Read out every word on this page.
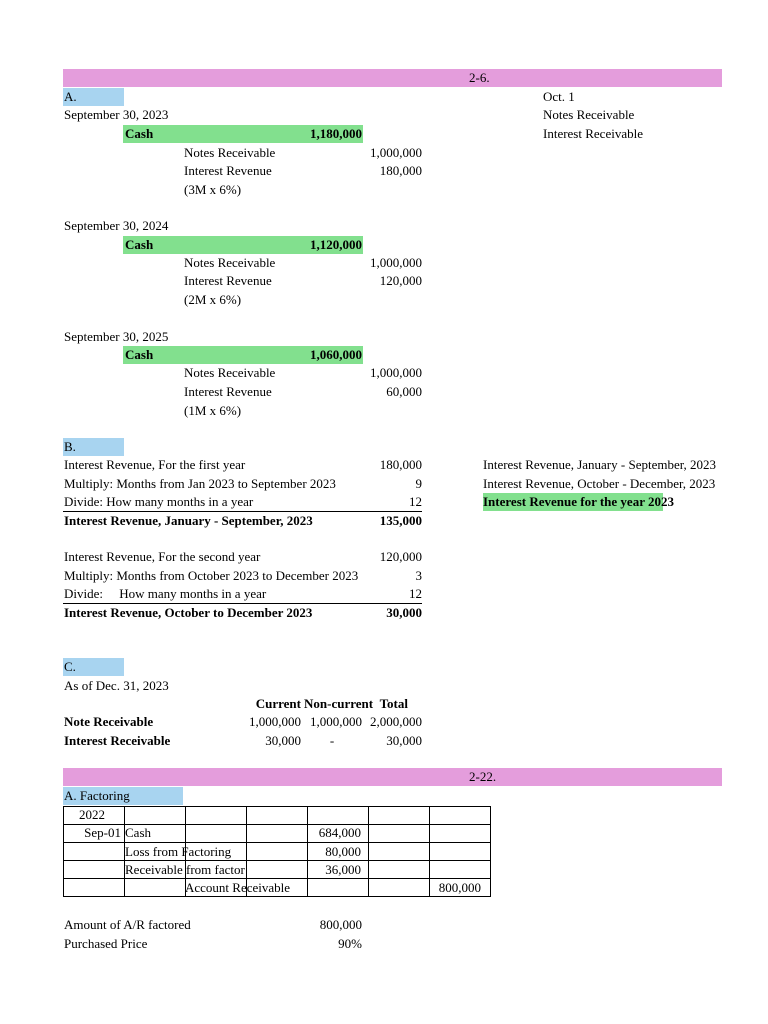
2-6.
A.	Oct. 1
Notes Receivable
Interest Receivable
September 30, 2023
Cash	1,180,000
Notes Receivable	1,000,000
Interest Revenue	180,000
(3M x 6%)
September 30, 2024
Cash	1,120,000
Notes Receivable	1,000,000
Interest Revenue	120,000
(2M x 6%)
September 30, 2025
Cash	1,060,000
Notes Receivable	1,000,000
Interest Revenue	60,000
(1M x 6%)
B.
Interest Revenue, For the first year	180,000
Multiply: Months from Jan 2023 to September 2023	9
Divide: How many months in a year	12
Interest Revenue, January - September, 2023	135,000
Interest Revenue, For the second year	120,000
Multiply: Months from October 2023 to December 2023	3
Divide:     How many months in a year	12
Interest Revenue, October to December 2023	30,000
Interest Revenue, January - September, 2023
Interest Revenue, October - December, 2023
Interest Revenue for the year 2023
C.
As of Dec. 31, 2023
Current Non-current Total
Note Receivable	1,000,000 1,000,000 2,000,000
Interest Receivable	30,000	-	30,000
2-22.
A. Factoring

2022
Sep-01 Cash	684,000
Loss from Factoring	80,000
Receivable from factor	36,000
Account Receivable	800,000
Amount of A/R factored	800,000
Purchased Price	90%
